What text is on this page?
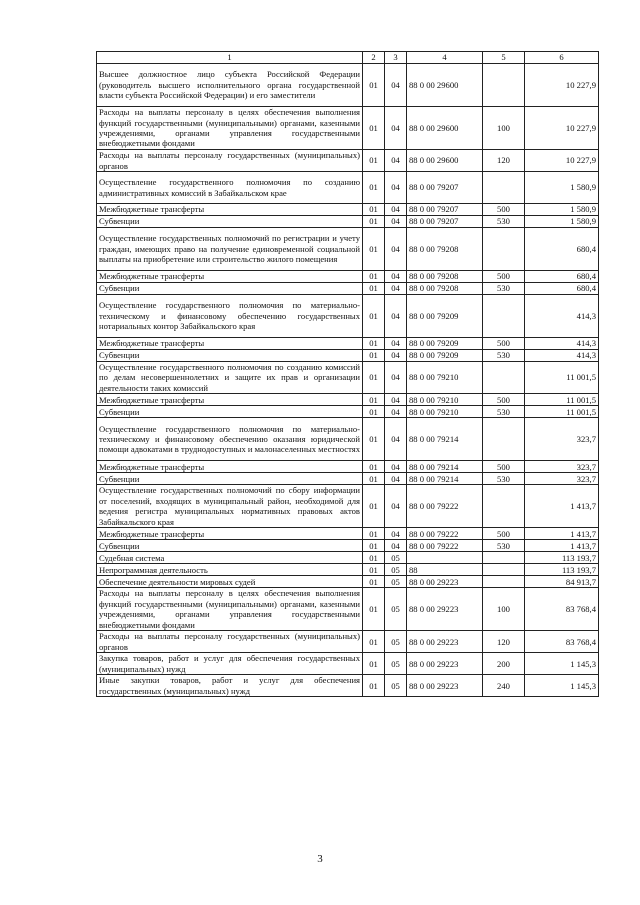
1	2	3	4	5	6
Высшее должностное лицо субъекта Российской Федерации (руководитель высшего исполнительного органа государственной власти субъекта Российской Федерации) и его заместители	01	04	88 0 00 29600		10 227,9
Расходы на выплаты персоналу в целях обеспечения выполнения функций государственными (муниципальными) органами, казенными учреждениями, органами управления государственными внебюджетными фондами	01	04	88 0 00 29600	100	10 227,9
Расходы на выплаты персоналу государственных (муниципальных) органов	01	04	88 0 00 29600	120	10 227,9
Осуществление государственного полномочия по созданию административных комиссий в Забайкальском крае	01	04	88 0 00 79207		1 580,9
Межбюджетные трансферты	01	04	88 0 00 79207	500	1 580,9
Субвенции	01	04	88 0 00 79207	530	1 580,9
Осуществление государственных полномочий по регистрации и учету граждан, имеющих право на получение единовременной социальной выплаты на приобретение или строительство жилого помещения	01	04	88 0 00 79208		680,4
Межбюджетные трансферты	01	04	88 0 00 79208	500	680,4
Субвенции	01	04	88 0 00 79208	530	680,4
Осуществление государственного полномочия по материально-техническому и финансовому обеспечению государственных нотариальных контор Забайкальского края	01	04	88 0 00 79209		414,3
Межбюджетные трансферты	01	04	88 0 00 79209	500	414,3
Субвенции	01	04	88 0 00 79209	530	414,3
Осуществление государственного полномочия по созданию комиссий по делам несовершеннолетних и защите их прав и организации деятельности таких комиссий	01	04	88 0 00 79210		11 001,5
Межбюджетные трансферты	01	04	88 0 00 79210	500	11 001,5
Субвенции	01	04	88 0 00 79210	530	11 001,5
Осуществление государственного полномочия по материально-техническому и финансовому обеспечению оказания юридической помощи адвокатами в труднодоступных и малонаселенных местностях	01	04	88 0 00 79214		323,7
Межбюджетные трансферты	01	04	88 0 00 79214	500	323,7
Субвенции	01	04	88 0 00 79214	530	323,7
Осуществление государственных полномочий по сбору информации от поселений, входящих в муниципальный район, необходимой для ведения регистра муниципальных нормативных правовых актов Забайкальского края	01	04	88 0 00 79222		1 413,7
Межбюджетные трансферты	01	04	88 0 00 79222	500	1 413,7
Субвенции	01	04	88 0 00 79222	530	1 413,7
Судебная система	01	05			113 193,7
Непрограммная деятельность	01	05	88		113 193,7
Обеспечение деятельности мировых судей	01	05	88 0 00 29223		84 913,7
Расходы на выплаты персоналу в целях обеспечения выполнения функций государственными (муниципальными) органами, казенными учреждениями, органами управления государственными внебюджетными фондами	01	05	88 0 00 29223	100	83 768,4
Расходы на выплаты персоналу государственных (муниципальных) органов	01	05	88 0 00 29223	120	83 768,4
Закупка товаров, работ и услуг для обеспечения государственных (муниципальных) нужд	01	05	88 0 00 29223	200	1 145,3
Иные закупки товаров, работ и услуг для обеспечения государственных (муниципальных) нужд	01	05	88 0 00 29223	240	1 145,3
3
